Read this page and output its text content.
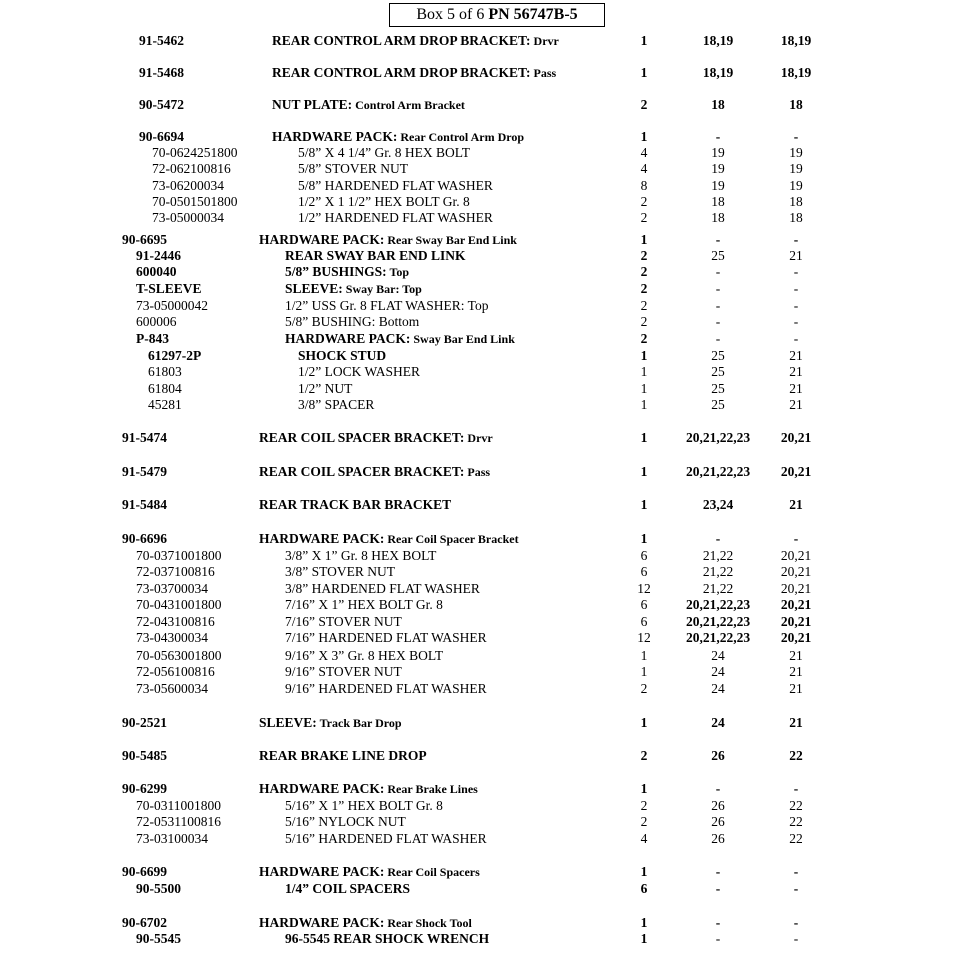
Box 5 of 6 PN 56747B-5
91-5462	REAR CONTROL ARM DROP BRACKET: Drvr	1	18,19	18,19
91-5468	REAR CONTROL ARM DROP BRACKET: Pass	1	18,19	18,19
90-5472	NUT PLATE: Control Arm Bracket	2	18	18
90-6694	HARDWARE PACK: Rear Control Arm Drop	1	-	-
70-0624251800	5/8” X 4 1/4” Gr. 8 HEX BOLT	4	19	19
72-062100816	5/8” STOVER NUT	4	19	19
73-06200034	5/8” HARDENED FLAT WASHER	8	19	19
70-0501501800	1/2” X 1 1/2” HEX BOLT Gr. 8	2	18	18
73-05000034	1/2” HARDENED FLAT WASHER	2	18	18
90-6695	HARDWARE PACK: Rear Sway Bar End Link	1	-	-
91-2446	REAR SWAY BAR END LINK	2	25	21
600040	5/8” BUSHINGS: Top	2	-	-
T-SLEEVE	SLEEVE: Sway Bar: Top	2	-	-
73-05000042	1/2” USS Gr. 8 FLAT WASHER: Top	2	-	-
600006	5/8” BUSHING: Bottom	2	-	-
P-843	HARDWARE PACK: Sway Bar End Link	2	-	-
61297-2P	SHOCK STUD	1	25	21
61803	1/2” LOCK WASHER	1	25	21
61804	1/2” NUT	1	25	21
45281	3/8” SPACER	1	25	21
91-5474	REAR COIL SPACER BRACKET: Drvr	1	20,21,22,23	20,21
91-5479	REAR COIL SPACER BRACKET: Pass	1	20,21,22,23	20,21
91-5484	REAR TRACK BAR BRACKET	1	23,24	21
90-6696	HARDWARE PACK: Rear Coil Spacer Bracket	1	-	-
70-0371001800	3/8” X 1” Gr. 8 HEX BOLT	6	21,22	20,21
72-037100816	3/8” STOVER NUT	6	21,22	20,21
73-03700034	3/8” HARDENED FLAT WASHER	12	21,22	20,21
70-0431001800	7/16” X 1” HEX BOLT Gr. 8	6	20,21,22,23	20,21
72-043100816	7/16” STOVER NUT	6	20,21,22,23	20,21
73-04300034	7/16” HARDENED FLAT WASHER	12	20,21,22,23	20,21
70-0563001800	9/16” X 3” Gr. 8 HEX BOLT	1	24	21
72-056100816	9/16” STOVER NUT	1	24	21
73-05600034	9/16” HARDENED FLAT WASHER	2	24	21
90-2521	SLEEVE: Track Bar Drop	1	24	21
90-5485	REAR BRAKE LINE DROP	2	26	22
90-6299	HARDWARE PACK: Rear Brake Lines	1	-	-
70-0311001800	5/16” X 1” HEX BOLT Gr. 8	2	26	22
72-0531100816	5/16” NYLOCK NUT	2	26	22
73-03100034	5/16” HARDENED FLAT WASHER	4	26	22
90-6699	HARDWARE PACK: Rear Coil Spacers	1	-	-
90-5500	1/4” COIL SPACERS	6	-	-
90-6702	HARDWARE PACK: Rear Shock Tool	1	-	-
90-5545	96-5545 REAR SHOCK WRENCH	1	-	-
